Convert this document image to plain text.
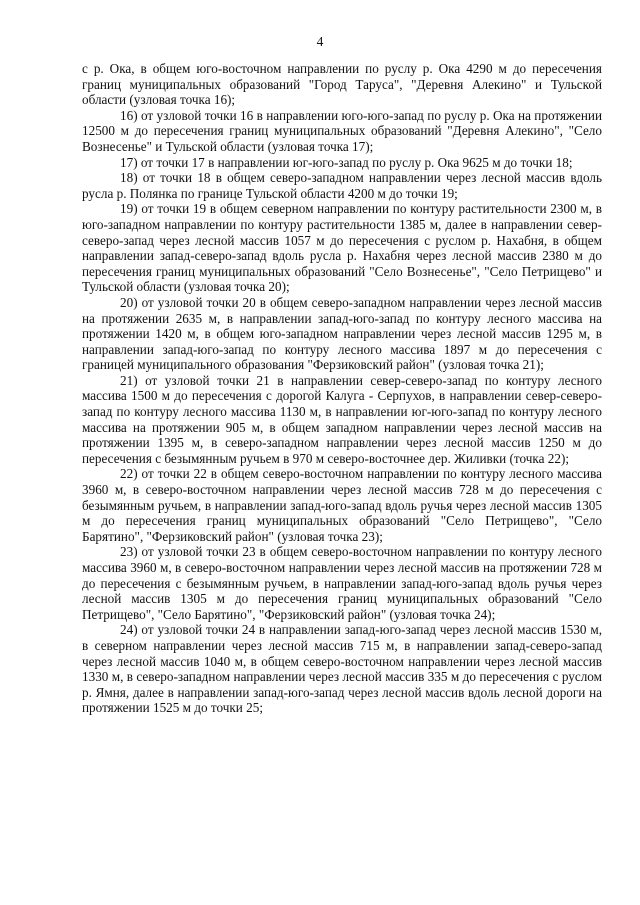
4

с р. Ока, в общем юго-восточном направлении по руслу р. Ока 4290 м до пересечения границ муниципальных образований "Город Таруса", "Деревня Алекино" и Тульской области (узловая точка 16);

16) от узловой точки 16 в направлении юго-юго-запад по руслу р. Ока на протяжении 12500 м до пересечения границ муниципальных образований "Деревня Алекино", "Село Вознесенье" и Тульской области (узловая точка 17);

17) от точки 17 в направлении юг-юго-запад по руслу р. Ока 9625 м до точки 18;

18) от точки 18 в общем северо-западном направлении через лесной массив вдоль русла р. Полянка по границе Тульской области 4200 м до точки 19;

19) от точки 19 в общем северном направлении по контуру растительности 2300 м, в юго-западном направлении по контуру растительности 1385 м, далее в направлении север-северо-запад через лесной массив 1057 м до пересечения с руслом р. Нахабня, в общем направлении запад-северо-запад вдоль русла р. Нахабня через лесной массив 2380 м до пересечения границ муниципальных образований "Село Вознесенье", "Село Петрищево" и Тульской области (узловая точка 20);

20) от узловой точки 20 в общем северо-западном направлении через лесной массив на протяжении 2635 м, в направлении запад-юго-запад по контуру лесного массива на протяжении 1420 м, в общем юго-западном направлении через лесной массив 1295 м, в направлении запад-юго-запад по контуру лесного массива 1897 м до пересечения с границей муниципального образования "Ферзиковский район" (узловая точка 21);

21) от узловой точки 21 в направлении север-северо-запад по контуру лесного массива 1500 м до пересечения с дорогой Калуга - Серпухов, в направлении север-северо-запад по контуру лесного массива 1130 м, в направлении юг-юго-запад по контуру лесного массива на протяжении 905 м, в общем западном направлении через лесной массив на протяжении 1395 м, в северо-западном направлении через лесной массив 1250 м до пересечения с безымянным ручьем в 970 м северо-восточнее дер. Жиливки (точка 22);

22) от точки 22 в общем северо-восточном направлении по контуру лесного массива 3960 м, в северо-восточном направлении через лесной массив 728 м до пересечения с безымянным ручьем, в направлении запад-юго-запад вдоль ручья через лесной массив 1305 м до пересечения границ муниципальных образований "Село Петрищево", "Село Барятино", "Ферзиковский район" (узловая точка 23);

23) от узловой точки 23 в общем северо-восточном направлении по контуру лесного массива 3960 м, в северо-восточном направлении через лесной массив на протяжении 728 м до пересечения с безымянным ручьем, в направлении запад-юго-запад вдоль ручья через лесной массив 1305 м до пересечения границ муниципальных образований "Село Петрищево", "Село Барятино", "Ферзиковский район" (узловая точка 24);

24) от узловой точки 24 в направлении запад-юго-запад через лесной массив 1530 м, в северном направлении через лесной массив 715 м, в направлении запад-северо-запад через лесной массив 1040 м, в общем северо-восточном направлении через лесной массив 1330 м, в северо-западном направлении через лесной массив 335 м до пересечения с руслом р. Ямня, далее в направлении запад-юго-запад через лесной массив вдоль лесной дороги на протяжении 1525 м до точки 25;
